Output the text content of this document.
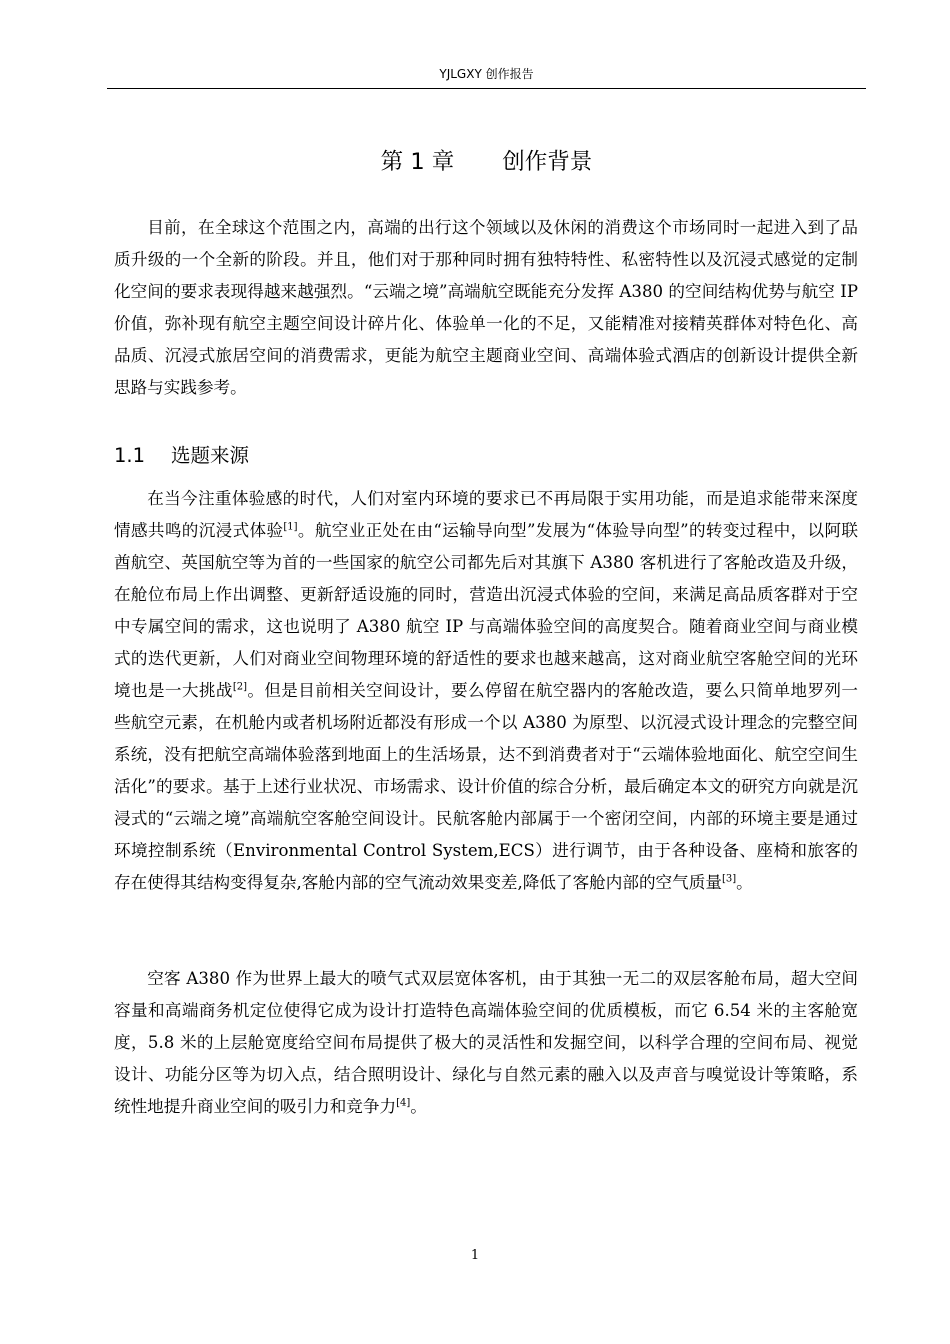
YJLGXY 创作报告
第 1 章 创作背景

目前，在全球这个范围之内，高端的出行这个领域以及休闲的消费这个市场同时一起进入到了品质升级的一个全新的阶段。并且，他们对于那种同时拥有独特特性、私密特性以及沉浸式感觉的定制化空间的要求表现得越来越强烈。“云端之境”高端航空既能充分发挥 A380 的空间结构优势与航空 IP 价值，弥补现有航空主题空间设计碎片化、体验单一化的不足，又能精准对接精英群体对特色化、高品质、沉浸式旅居空间的消费需求，更能为航空主题商业空间、高端体验式酒店的创新设计提供全新思路与实践参考。

1.1 选题来源

在当今注重体验感的时代，人们对室内环境的要求已不再局限于实用功能，而是追求能带来深度情感共鸣的沉浸式体验[1]。航空业正处在由“运输导向型”发展为“体验导向型”的转变过程中，以阿联酋航空、英国航空等为首的一些国家的航空公司都先后对其旗下 A380 客机进行了客舱改造及升级，在舱位布局上作出调整、更新舒适设施的同时，营造出沉浸式体验的空间，来满足高品质客群对于空中专属空间的需求，这也说明了 A380 航空 IP 与高端体验空间的高度契合。随着商业空间与商业模式的迭代更新，人们对商业空间物理环境的舒适性的要求也越来越高，这对商业航空客舱空间的光环境也是一大挑战[2]。但是目前相关空间设计，要么停留在航空器内的客舱改造，要么只简单地罗列一些航空元素，在机舱内或者机场附近都没有形成一个以 A380 为原型、以沉浸式设计理念的完整空间系统，没有把航空高端体验落到地面上的生活场景，达不到消费者对于“云端体验地面化、航空空间生活化”的要求。基于上述行业状况、市场需求、设计价值的综合分析，最后确定本文的研究方向就是沉浸式的“云端之境”高端航空客舱空间设计。民航客舱内部属于一个密闭空间，内部的环境主要是通过环境控制系统（Environmental Control System,ECS）进行调节，由于各种设备、座椅和旅客的存在使得其结构变得复杂,客舱内部的空气流动效果变差,降低了客舱内部的空气质量[3]。

空客 A380 作为世界上最大的喷气式双层宽体客机，由于其独一无二的双层客舱布局，超大空间容量和高端商务机定位使得它成为设计打造特色高端体验空间的优质模板，而它 6.54 米的主客舱宽度，5.8 米的上层舱宽度给空间布局提供了极大的灵活性和发掘空间，以科学合理的空间布局、视觉设计、功能分区等为切入点，结合照明设计、绿化与自然元素的融入以及声音与嗅觉设计等策略，系统性地提升商业空间的吸引力和竞争力[4]。

1
